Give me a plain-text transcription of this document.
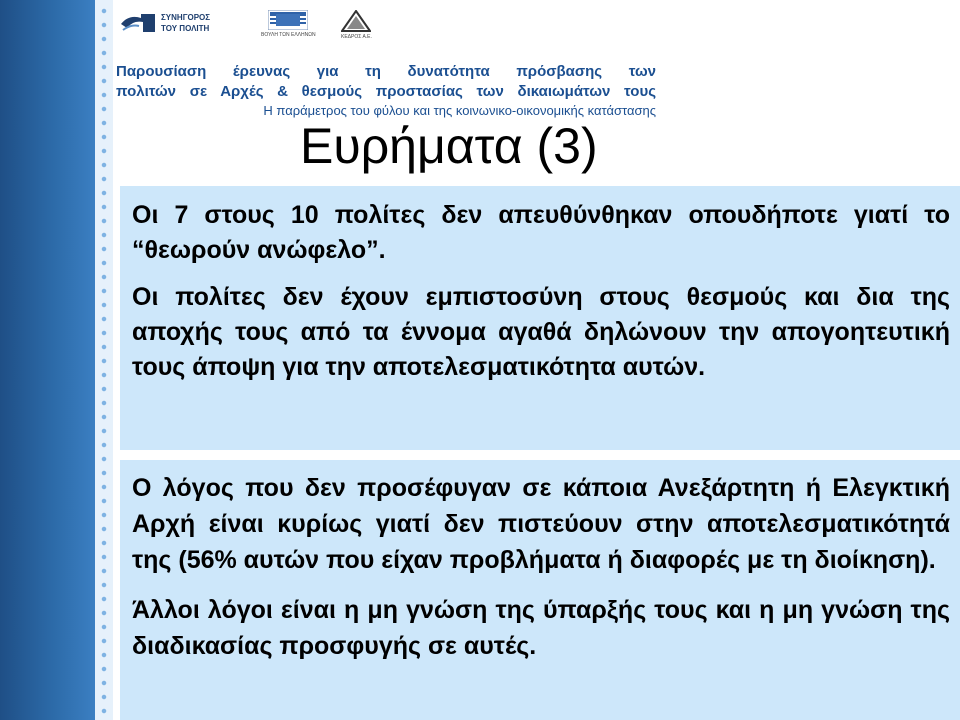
ΣΥΝΗΓΟΡΟΣ
ΤΟΥ ΠΟΛΙΤΗ
ΒΟΥΛΗ ΤΩΝ ΕΛΛΗΝΩΝ	ΚΕΔΡΟΣ Α.Ε.
Παρουσίαση έρευνας για τη δυνατότητα πρόσβασης των
πολιτών σε Αρχές & θεσμούς προστασίας των δικαιωμάτων τους
Η παράμετρος του φύλου και της κοινωνικο-οικονομικής κατάστασης
Ευρήματα (3)

Οι 7 στους 10 πολίτες δεν απευθύνθηκαν οπουδήποτε γιατί το “θεωρούν ανώφελο”.

Οι πολίτες δεν έχουν εμπιστοσύνη στους θεσμούς και δια της αποχής τους από τα έννομα αγαθά δηλώνουν την απογοητευτική τους άποψη για την αποτελεσματικότητα αυτών.

Ο λόγος που δεν προσέφυγαν σε κάποια Ανεξάρτητη ή Ελεγκτική Αρχή είναι κυρίως γιατί δεν πιστεύουν στην αποτελεσματικότητά της (56% αυτών που είχαν προβλήματα ή διαφορές με τη διοίκηση).

Άλλοι λόγοι είναι η μη γνώση της ύπαρξής τους και η μη γνώση της διαδικασίας προσφυγής σε αυτές.
